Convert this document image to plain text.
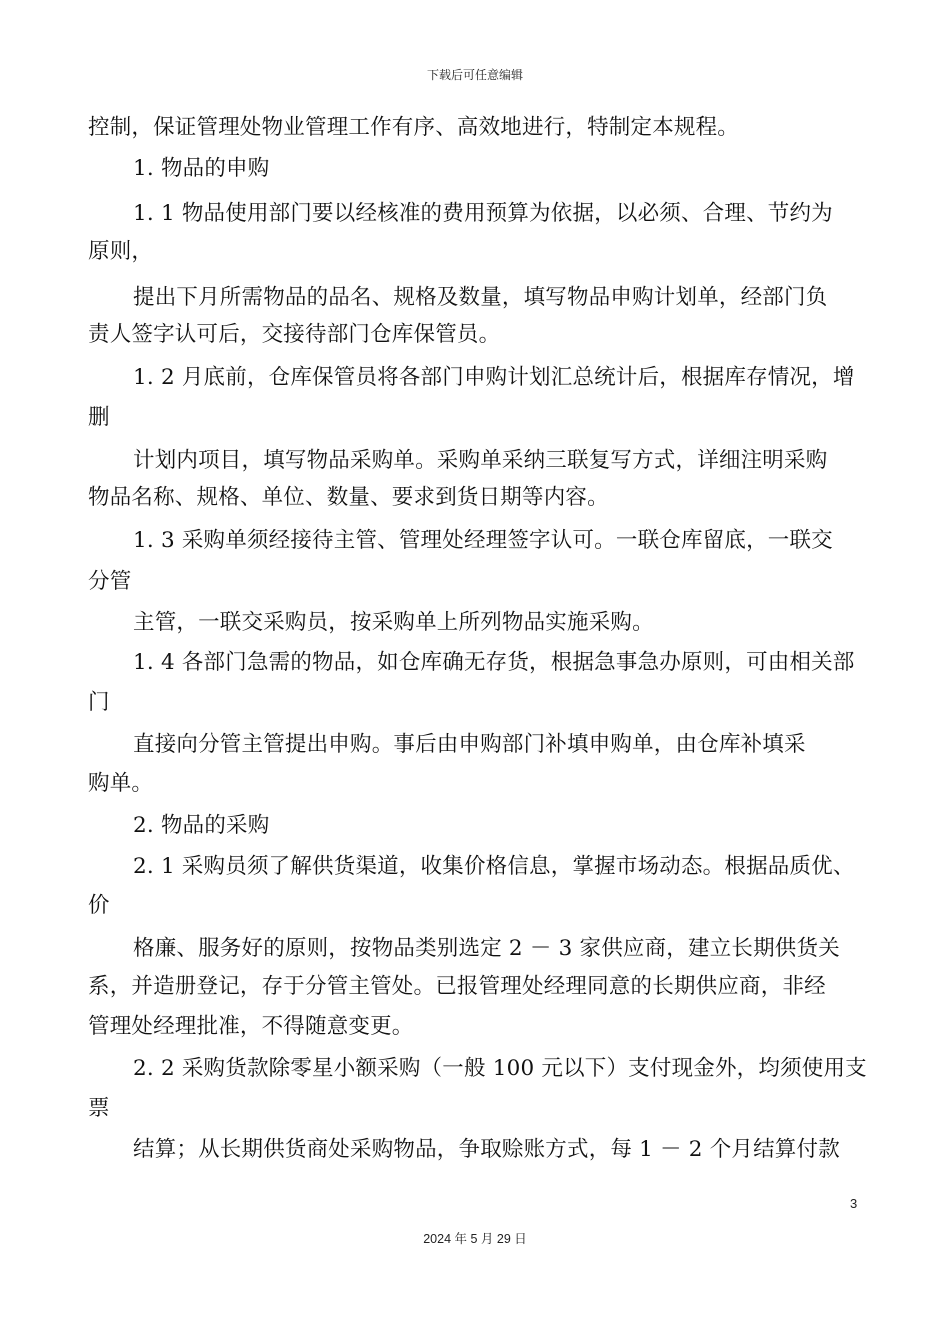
下载后可任意编辑
控制，保证管理处物业管理工作有序、高效地进行，特制定本规程。
1. 物品的申购
1. 1 物品使用部门要以经核准的费用预算为依据，以必须、合理、节约为
原则，
提出下月所需物品的品名、规格及数量，填写物品申购计划单，经部门负
责人签字认可后，交接待部门仓库保管员。
1. 2 月底前，仓库保管员将各部门申购计划汇总统计后，根据库存情况，增
删
计划内项目，填写物品采购单。采购单采纳三联复写方式，详细注明采购
物品名称、规格、单位、数量、要求到货日期等内容。
1. 3 采购单须经接待主管、管理处经理签字认可。一联仓库留底，一联交
分管
主管，一联交采购员，按采购单上所列物品实施采购。
1. 4 各部门急需的物品，如仓库确无存货，根据急事急办原则，可由相关部
门
直接向分管主管提出申购。事后由申购部门补填申购单，由仓库补填采
购单。
2. 物品的采购
2. 1 采购员须了解供货渠道，收集价格信息，掌握市场动态。根据品质优、
价
格廉、服务好的原则，按物品类别选定 2 － 3 家供应商，建立长期供货关
系，并造册登记，存于分管主管处。已报管理处经理同意的长期供应商，非经
管理处经理批准，不得随意变更。
2. 2 采购货款除零星小额采购（一般 100 元以下）支付现金外，均须使用支
票
结算；从长期供货商处采购物品，争取赊账方式，每 1 － 2 个月结算付款
3
2024 年 5 月 29 日
